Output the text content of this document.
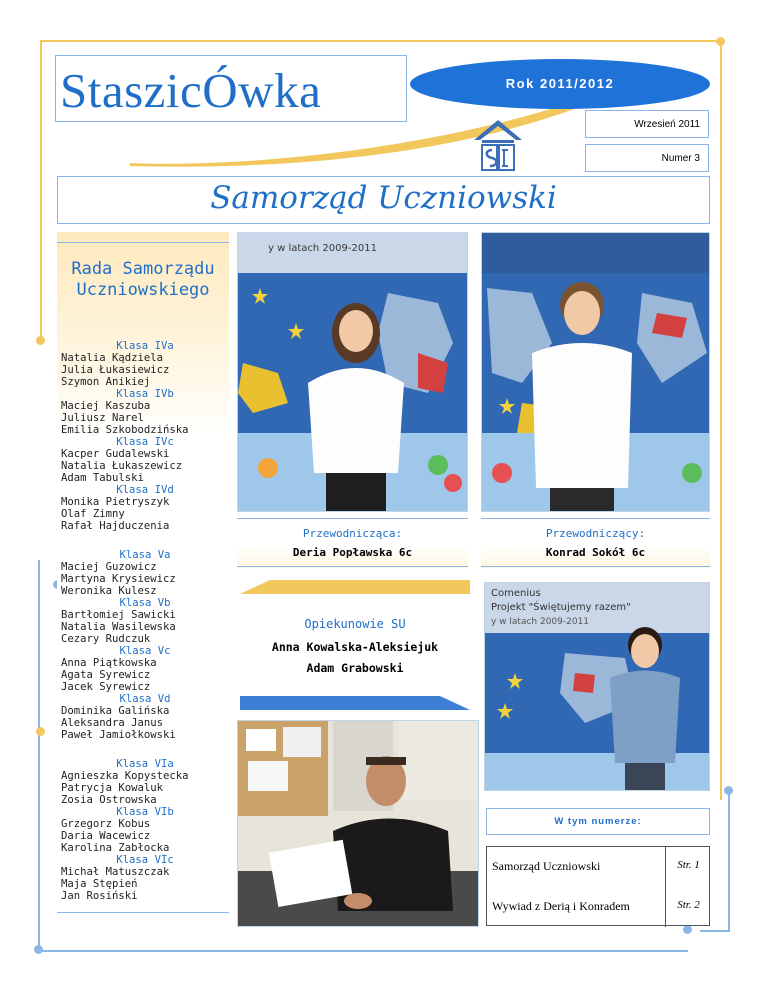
StaszicÓwka	Rok 2011/2012
Wrzesień 2011
Numer 3
Samorząd Uczniowski
Rada Samorządu Uczniowskiego
Klasa IVa
Natalia Kądziela
Julia Łukasiewicz
Szymon Anikiej
Klasa IVb
Maciej Kaszuba
Juliusz Narel
Emilia Szkobodzińska
Klasa IVc
Kacper Gudalewski
Natalia Łukaszewicz
Adam Tabulski
Klasa IVd
Monika Pietryszyk
Olaf Zimny
Rafał Hajduczenia
Klasa Va
Maciej Guzowicz
Martyna Krysiewicz
Weronika Kulesz
Klasa Vb
Bartłomiej Sawicki
Natalia Wasilewska
Cezary Rudczuk
Klasa Vc
Anna Piątkowska
Agata Syrewicz
Jacek Syrewicz
Klasa Vd
Dominika Galińska
Aleksandra Janus
Paweł Jamiołkowski
Klasa VIa
Agnieszka Kopystecka
Patrycja Kowaluk
Zosia Ostrowska
Klasa VIb
Grzegorz Kobus
Daria Wacewicz
Karolina Zabłocka
Klasa VIc
Michał Matuszczak
Maja Stępień
Jan Rosiński
y w latach 2009-2011
Przewodnicząca:
Deria Popławska 6c
Przewodniczący:
Konrad Sokół 6c
Opiekunowie SU
Anna Kowalska-Aleksiejuk
Adam Grabowski
Comenius
Projekt "Świętujemy razem"
y w latach 2009-2011
W tym numerze:
Samorząd Uczniowski	Str. 1
Wywiad z Derią i Konradem	Str. 2
